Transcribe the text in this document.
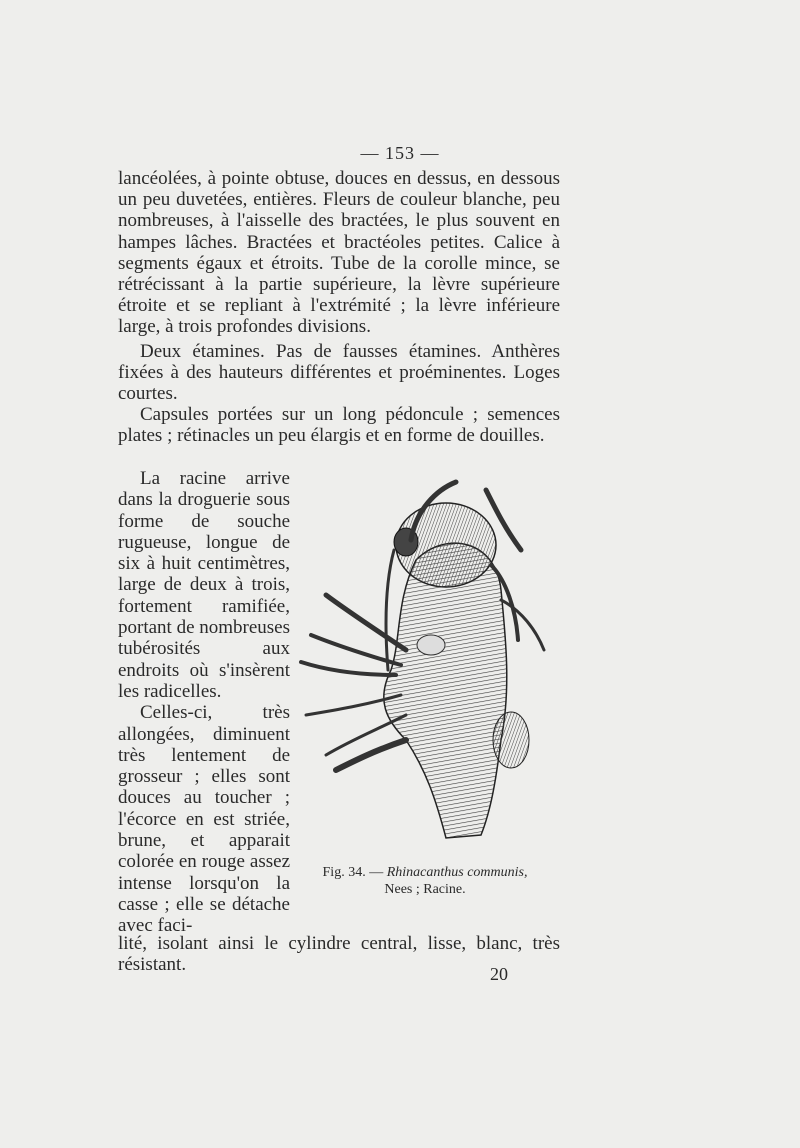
— 153 —

lancéolées, à pointe obtuse, douces en dessus, en dessous un peu duvetées, entières. Fleurs de couleur blanche, peu nombreuses, à l'aisselle des bractées, le plus souvent en hampes lâches. Bractées et bractéoles petites. Calice à segments égaux et étroits. Tube de la corolle mince, se rétrécissant à la partie supérieure, la lèvre supérieure étroite et se repliant à l'extrémité ; la lèvre inférieure large, à trois profondes divisions.

Deux étamines. Pas de fausses étamines. Anthères fixées à des hauteurs différentes et proéminentes. Loges courtes.

Capsules portées sur un long pédoncule ; semences plates ; rétinacles un peu élargis et en forme de douilles.

La racine arrive dans la droguerie sous forme de souche rugueuse, longue de six à huit centimètres, large de deux à trois, fortement ramifiée, portant de nombreuses tubérosités aux endroits où s'insèrent les radicelles.

Celles-ci, très allongées, diminuent très lentement de grosseur ; elles sont douces au toucher ; l'écorce en est striée, brune, et apparait colorée en rouge assez intense lorsqu'on la casse ; elle se détache avec faci-

Fig. 34. — Rhinacanthus communis,
Nees ; Racine.

lité, isolant ainsi le cylindre central, lisse, blanc, très résistant.	20
